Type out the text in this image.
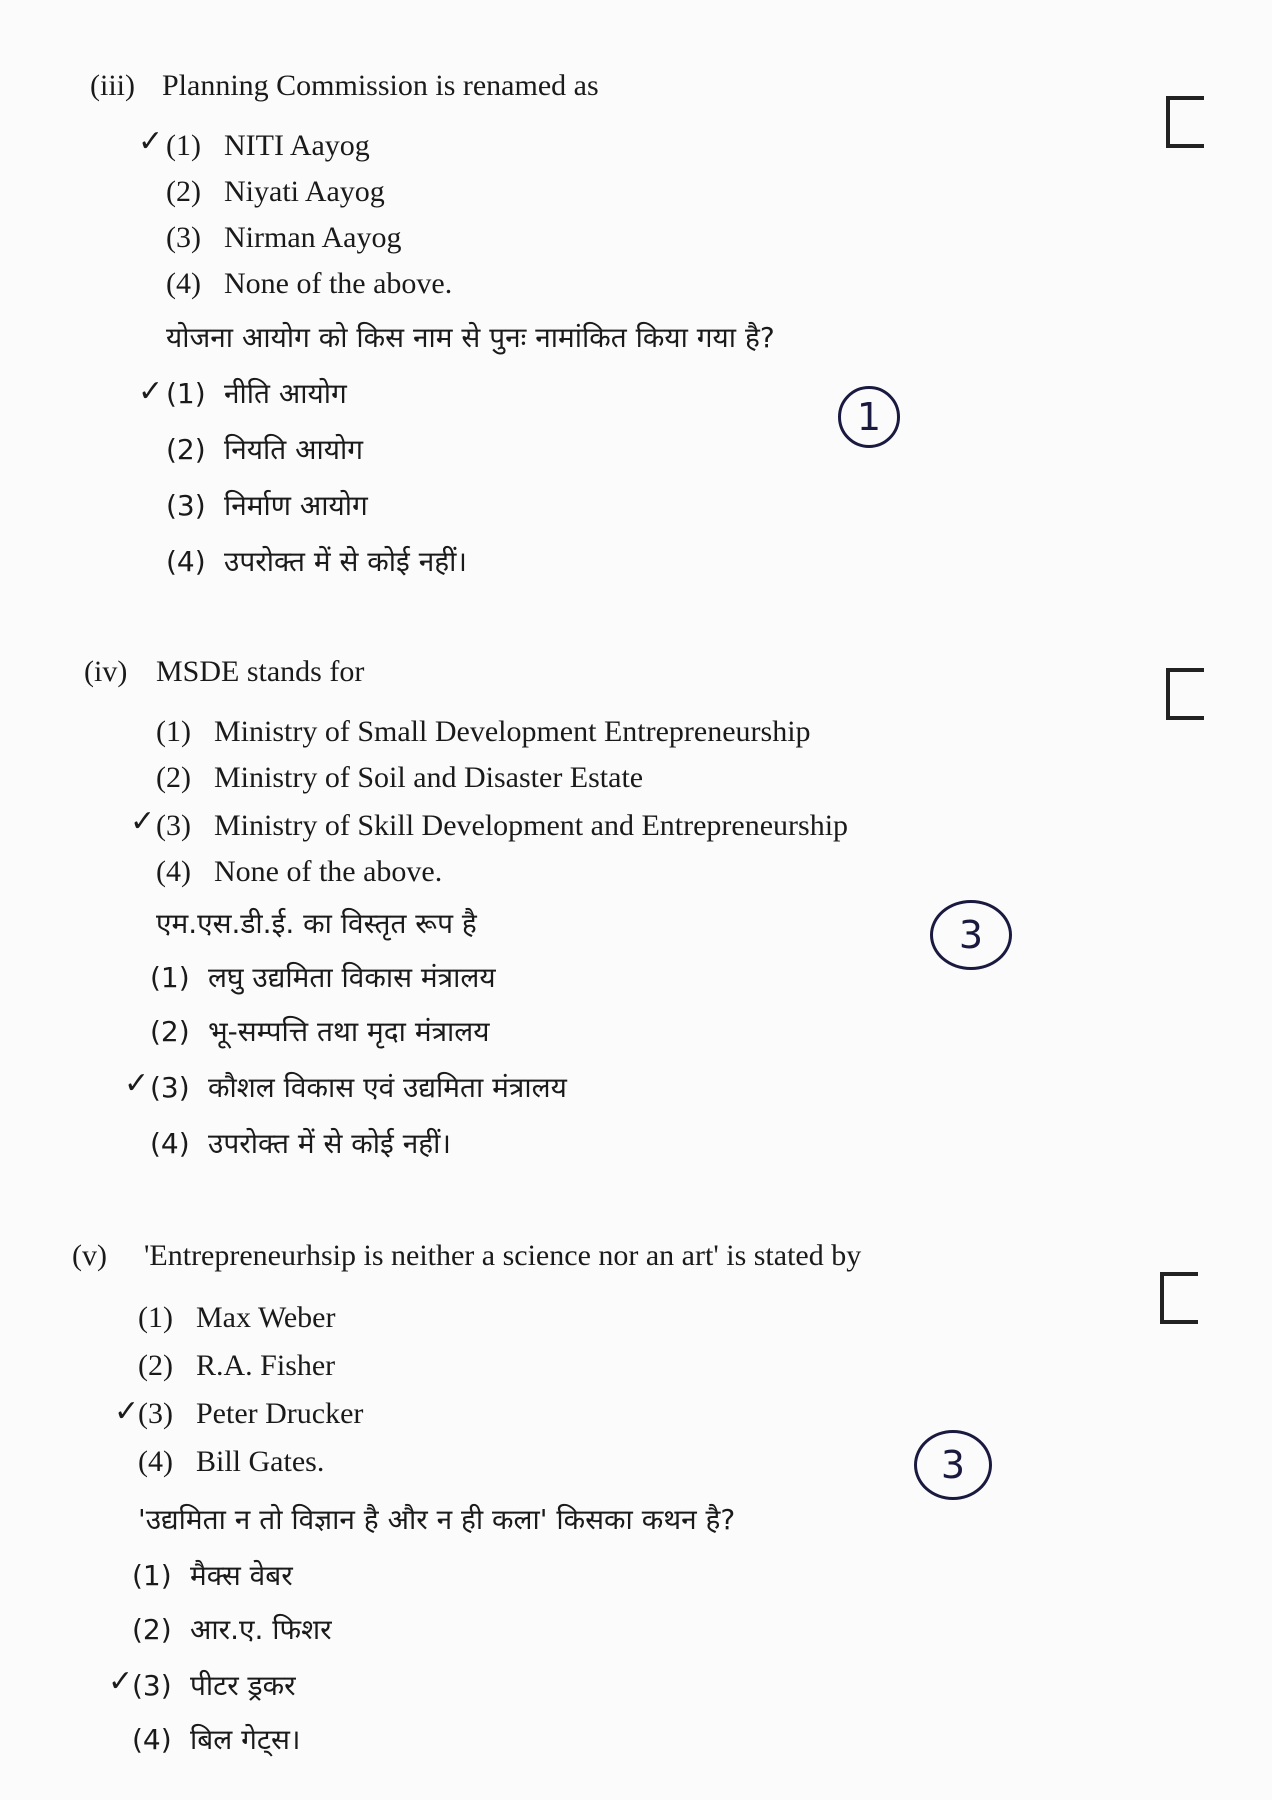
(iii) Planning Commission is renamed as
✓ (1) NITI Aayog
(2) Niyati Aayog
(3) Nirman Aayog
(4) None of the above.
योजना आयोग को किस नाम से पुनः नामांकित किया गया है?
✓ (1) नीति आयोग
(2) नियति आयोग
(3) निर्माण आयोग
(4) उपरोक्त में से कोई नहीं।
1
(iv) MSDE stands for
(1) Ministry of Small Development Entrepreneurship
(2) Ministry of Soil and Disaster Estate
✓ (3) Ministry of Skill Development and Entrepreneurship
(4) None of the above.
एम.एस.डी.ई. का विस्तृत रूप है
(1) लघु उद्यमिता विकास मंत्रालय
(2) भू-सम्पत्ति तथा मृदा मंत्रालय
✓ (3) कौशल विकास एवं उद्यमिता मंत्रालय
(4) उपरोक्त में से कोई नहीं।
3
(v) 'Entrepreneurhsip is neither a science nor an art' is stated by
(1) Max Weber
(2) R.A. Fisher
✓
(3) Peter Drucker
(4) Bill Gates.
'उद्यमिता न तो विज्ञान है और न ही कला' किसका कथन है?
(1) मैक्स वेबर
(2) आर.ए. फिशर
✓
(3) पीटर ड्रकर
(4) बिल गेट्स।
3
